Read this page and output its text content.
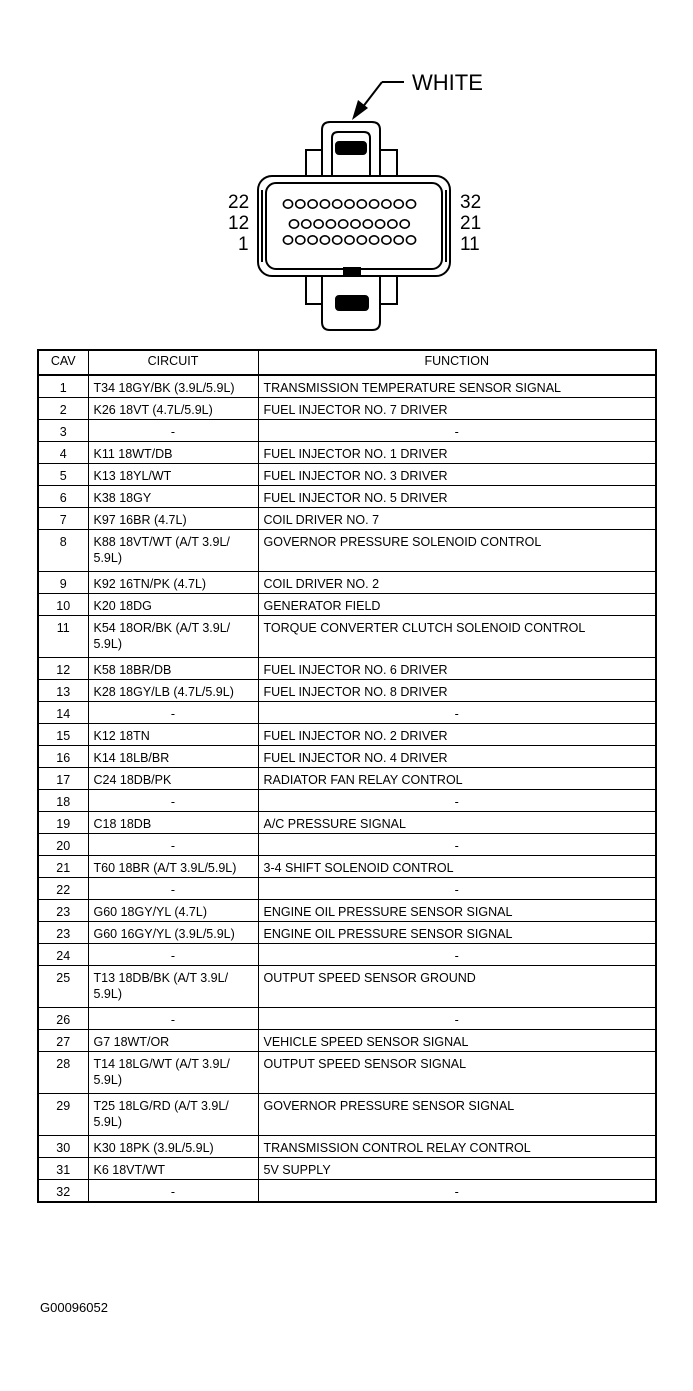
WHITE
22
12
1
32
21
11
CAV	CIRCUIT	FUNCTION
1	T34 18GY/BK (3.9L/5.9L)	TRANSMISSION TEMPERATURE SENSOR SIGNAL
2	K26 18VT (4.7L/5.9L)	FUEL INJECTOR NO. 7 DRIVER
3	-	-
4	K11 18WT/DB	FUEL INJECTOR NO. 1 DRIVER
5	K13 18YL/WT	FUEL INJECTOR NO. 3 DRIVER
6	K38 18GY	FUEL INJECTOR NO. 5 DRIVER
7	K97 16BR (4.7L)	COIL DRIVER NO. 7
8	K88 18VT/WT (A/T 3.9L/ 5.9L)	GOVERNOR PRESSURE SOLENOID CONTROL
9	K92 16TN/PK (4.7L)	COIL DRIVER NO. 2
10	K20 18DG	GENERATOR FIELD
11	K54 18OR/BK (A/T 3.9L/ 5.9L)	TORQUE CONVERTER CLUTCH SOLENOID CONTROL
12	K58 18BR/DB	FUEL INJECTOR NO. 6 DRIVER
13	K28 18GY/LB (4.7L/5.9L)	FUEL INJECTOR NO. 8 DRIVER
14	-	-
15	K12 18TN	FUEL INJECTOR NO. 2 DRIVER
16	K14 18LB/BR	FUEL INJECTOR NO. 4 DRIVER
17	C24 18DB/PK	RADIATOR FAN RELAY CONTROL
18	-	-
19	C18 18DB	A/C PRESSURE SIGNAL
20	-	-
21	T60 18BR (A/T 3.9L/5.9L)	3-4 SHIFT SOLENOID CONTROL
22	-	-
23	G60 18GY/YL (4.7L)	ENGINE OIL PRESSURE SENSOR SIGNAL
23	G60 16GY/YL (3.9L/5.9L)	ENGINE OIL PRESSURE SENSOR SIGNAL
24	-	-
25	T13 18DB/BK (A/T 3.9L/ 5.9L)	OUTPUT SPEED SENSOR GROUND
26	-	-
27	G7 18WT/OR	VEHICLE SPEED SENSOR SIGNAL
28	T14 18LG/WT (A/T 3.9L/ 5.9L)	OUTPUT SPEED SENSOR SIGNAL
29	T25 18LG/RD (A/T 3.9L/ 5.9L)	GOVERNOR PRESSURE SENSOR SIGNAL
30	K30 18PK (3.9L/5.9L)	TRANSMISSION CONTROL RELAY CONTROL
31	K6 18VT/WT	5V SUPPLY
32	-	-
G00096052
